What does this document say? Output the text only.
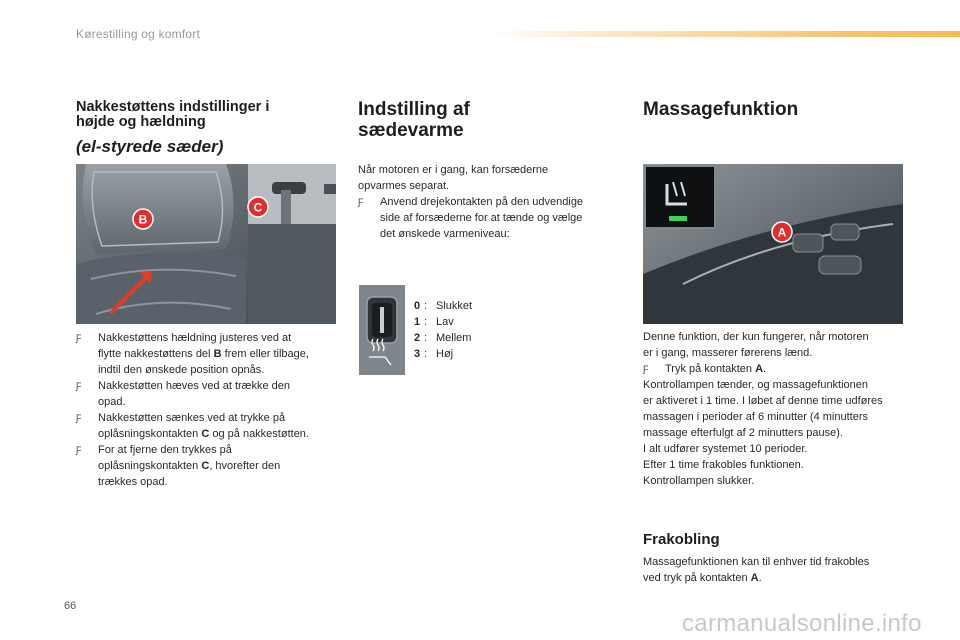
Kørestilling og komfort
Nakkestøttens indstillinger i
højde og hældning
(el-styrede sæder)
B
C
Ƒ Nakkestøttens hældning justeres ved at
flytte nakkestøttens del B frem eller tilbage,
indtil den ønskede position opnås.
Ƒ Nakkestøtten hæves ved at trække den
opad.
Ƒ Nakkestøtten sænkes ved at trykke på
oplåsningskontakten C og på nakkestøtten.
Ƒ For at fjerne den trykkes på
oplåsningskontakten C, hvorefter den
trækkes opad.
Indstilling af
sædevarme
Når motoren er i gang, kan forsæderne
opvarmes separat.
Ƒ Anvend drejekontakten på den udvendige
side af forsæderne for at tænde og vælge
det ønskede varmeniveau:
0 : Slukket
1 : Lav
2 : Mellem
3 : Høj
Massagefunktion
A
Denne funktion, der kun fungerer, når motoren
er i gang, masserer førerens lænd.
Ƒ Tryk på kontakten A.
Kontrollampen tænder, og massagefunktionen
er aktiveret i 1 time. I løbet af denne time udføres
massagen i perioder af 6 minutter (4 minutters
massage efterfulgt af 2 minutters pause).
I alt udfører systemet 10 perioder.
Efter 1 time frakobles funktionen.
Kontrollampen slukker.
Frakobling
Massagefunktionen kan til enhver tid frakobles
ved tryk på kontakten A.
66
carmanualsonline.info
